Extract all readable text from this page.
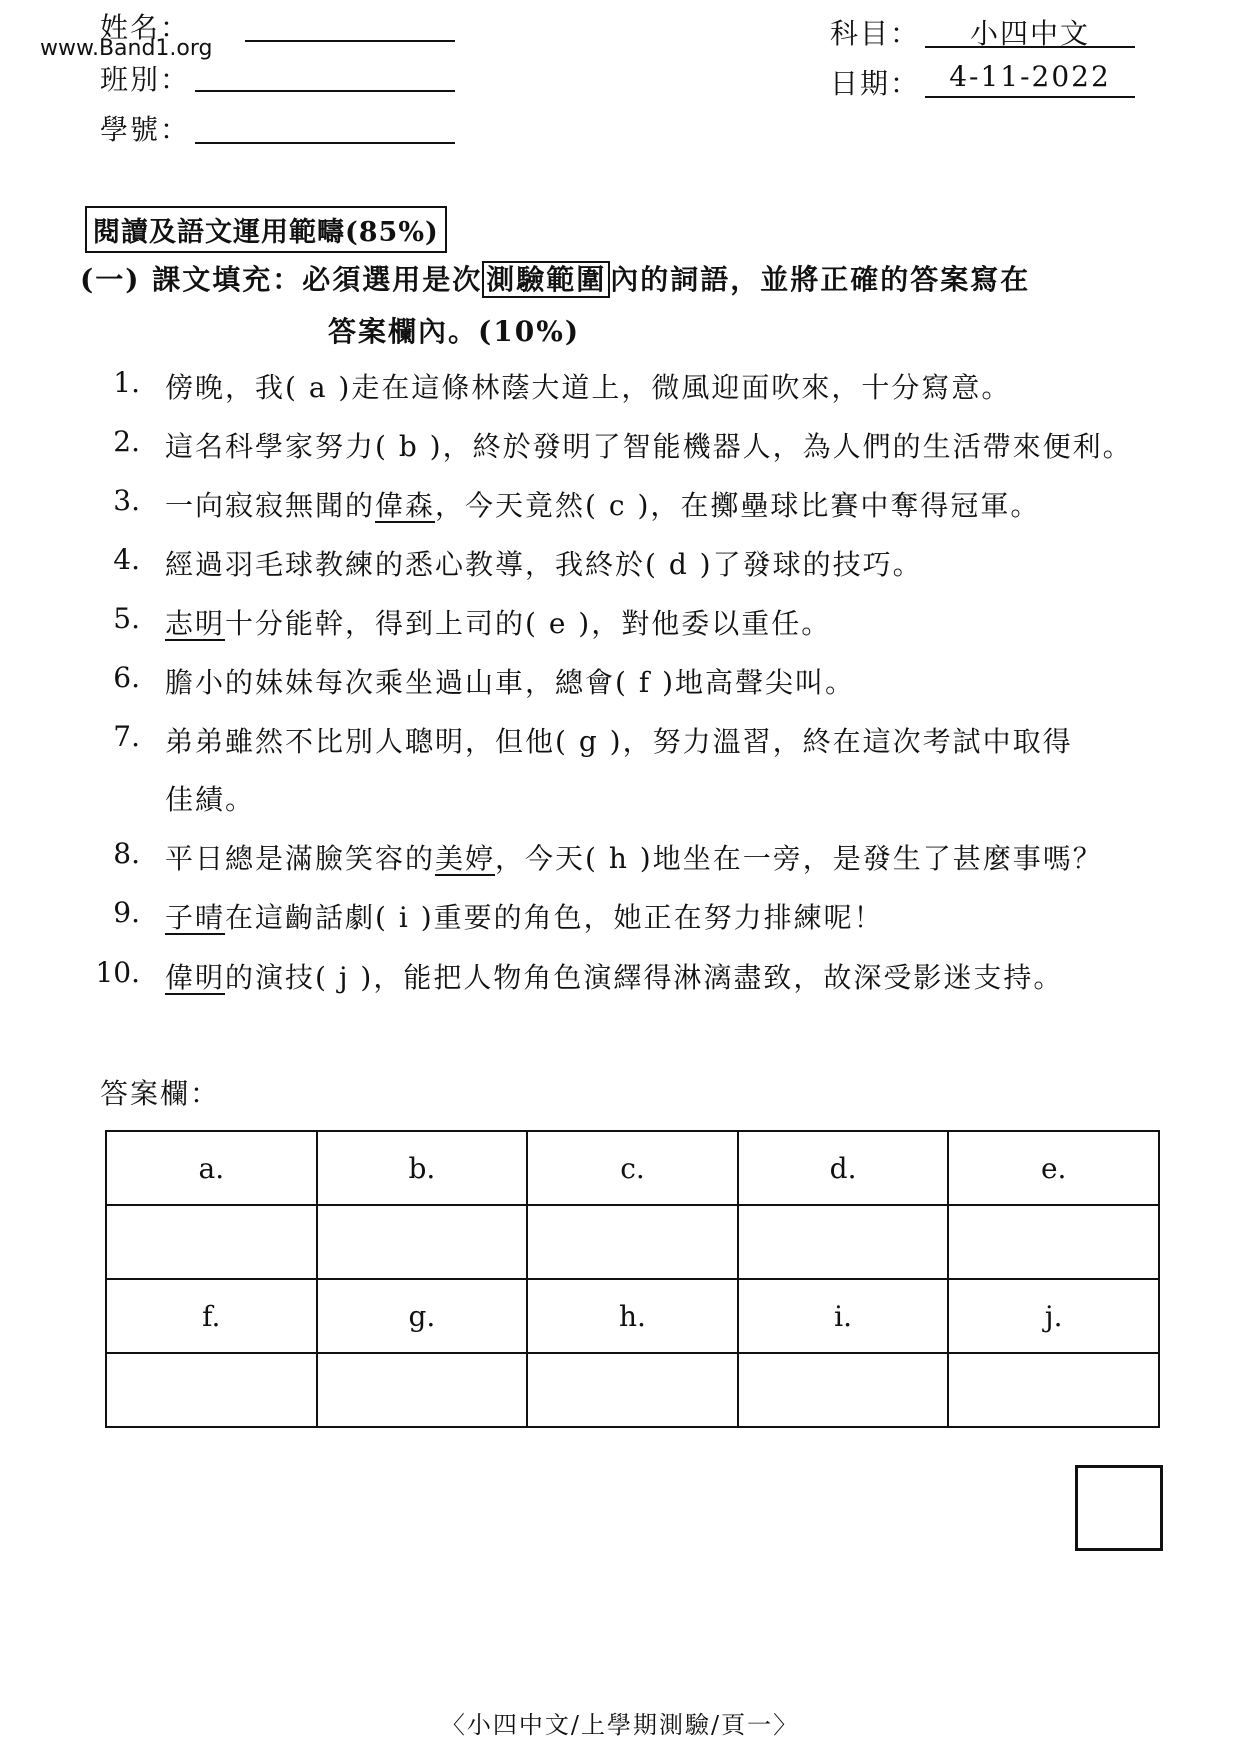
www.Band1.org
姓名：
班別：
學號：
科目：	小四中文
日期：	4-11-2022
閱讀及語文運用範疇(85%)
(一) 課文填充：必須選用是次 測驗範圍 內的詞語，並將正確的答案寫在
答案欄內。(10%)
1. 傍晚，我( a )走在這條林蔭大道上，微風迎面吹來，十分寫意。
2. 這名科學家努力( b )，終於發明了智能機器人，為人們的生活帶來便利。
3. 一向寂寂無聞的偉森，今天竟然( c )，在擲壘球比賽中奪得冠軍。
4. 經過羽毛球教練的悉心教導，我終於( d )了發球的技巧。
5. 志明十分能幹，得到上司的( e )，對他委以重任。
6. 膽小的妹妹每次乘坐過山車，總會( f )地高聲尖叫。
7. 弟弟雖然不比別人聰明，但他( g )，努力溫習，終在這次考試中取得
佳績。
8. 平日總是滿臉笑容的美婷，今天( h )地坐在一旁，是發生了甚麼事嗎？
9. 子晴在這齣話劇( i )重要的角色，她正在努力排練呢！
10. 偉明的演技( j )，能把人物角色演繹得淋漓盡致，故深受影迷支持。
答案欄：
a.	b.	c.	d.	e.

f.	g.	h.	i.	j.

〈小四中文/上學期測驗/頁一〉
